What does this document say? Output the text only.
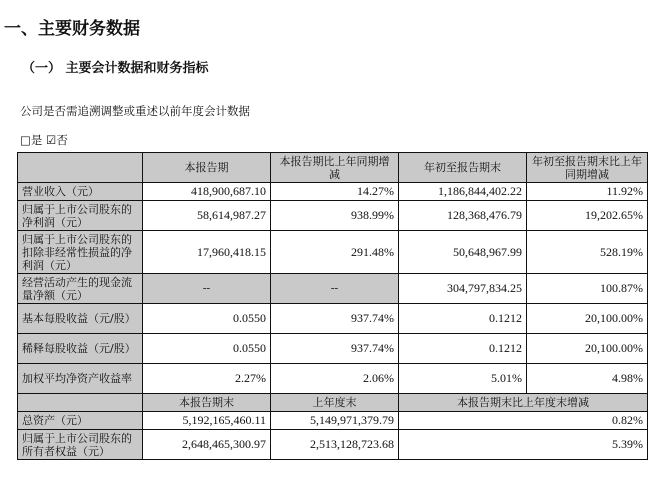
一、主要财务数据
（一） 主要会计数据和财务指标
公司是否需追溯调整或重述以前年度会计数据
□是 ☑否
	本报告期	本报告期比上年同期增减	年初至报告期末	年初至报告期末比上年同期增减
营业收入（元）	418,900,687.10	14.27%	1,186,844,402.22	11.92%
归属于上市公司股东的净利润（元）	58,614,987.27	938.99%	128,368,476.79	19,202.65%
归属于上市公司股东的扣除非经常性损益的净利润（元）	17,960,418.15	291.48%	50,648,967.99	528.19%
经营活动产生的现金流量净额（元）	--	--	304,797,834.25	100.87%
基本每股收益（元/股）	0.0550	937.74%	0.1212	20,100.00%
稀释每股收益（元/股）	0.0550	937.74%	0.1212	20,100.00%
加权平均净资产收益率	2.27%	2.06%	5.01%	4.98%
	本报告期末	上年度末	本报告期末比上年度末增减	
总资产（元）	5,192,165,460.11	5,149,971,379.79	0.82%	
归属于上市公司股东的所有者权益（元）	2,648,465,300.97	2,513,128,723.68	5.39%	
